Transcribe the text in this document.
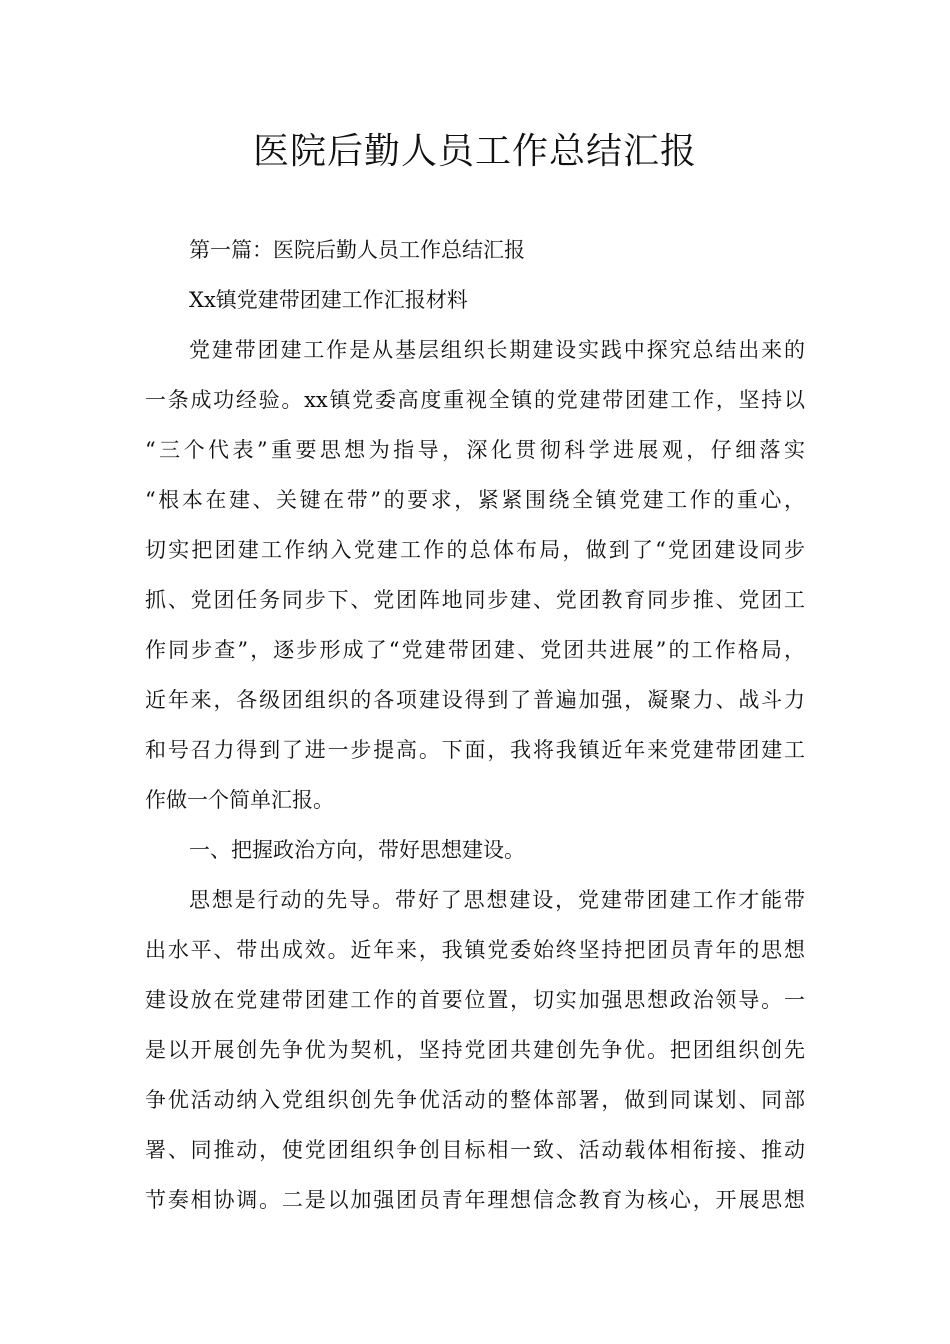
医院后勤人员工作总结汇报
第一篇：医院后勤人员工作总结汇报
Xx镇党建带团建工作汇报材料
党建带团建工作是从基层组织长期建设实践中探究总结出来的
一条成功经验。xx镇党委高度重视全镇的党建带团建工作，坚持以
“三个代表”重要思想为指导，深化贯彻科学进展观，仔细落实
“根本在建、关键在带”的要求，紧紧围绕全镇党建工作的重心，
切实把团建工作纳入党建工作的总体布局，做到了“党团建设同步
抓、党团任务同步下、党团阵地同步建、党团教育同步推、党团工
作同步查”，逐步形成了“党建带团建、党团共进展”的工作格局，
近年来，各级团组织的各项建设得到了普遍加强，凝聚力、战斗力
和号召力得到了进一步提高。下面，我将我镇近年来党建带团建工
作做一个简单汇报。
一、把握政治方向，带好思想建设。
思想是行动的先导。带好了思想建设，党建带团建工作才能带
出水平、带出成效。近年来，我镇党委始终坚持把团员青年的思想
建设放在党建带团建工作的首要位置，切实加强思想政治领导。一
是以开展创先争优为契机，坚持党团共建创先争优。把团组织创先
争优活动纳入党组织创先争优活动的整体部署，做到同谋划、同部
署、同推动，使党团组织争创目标相一致、活动载体相衔接、推动
节奏相协调。二是以加强团员青年理想信念教育为核心，开展思想
